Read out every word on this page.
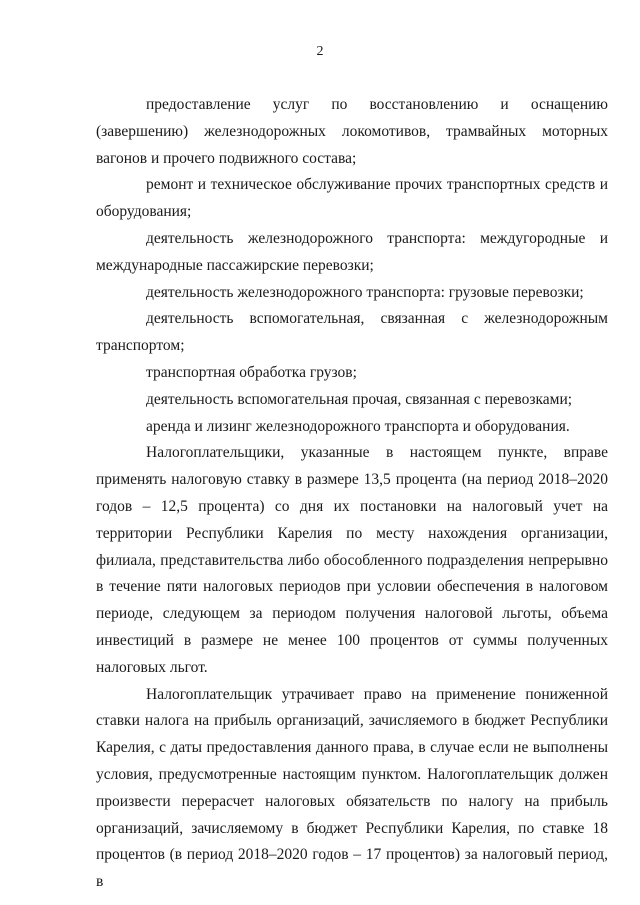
2

предоставление услуг по восстановлению и оснащению (завершению) железнодорожных локомотивов, трамвайных моторных вагонов и прочего подвижного состава;

ремонт и техническое обслуживание прочих транспортных средств и оборудования;

деятельность железнодорожного транспорта: междугородные и международные пассажирские перевозки;

деятельность железнодорожного транспорта: грузовые перевозки;

деятельность вспомогательная, связанная с железнодорожным транспортом;

транспортная обработка грузов;

деятельность вспомогательная прочая, связанная с перевозками;

аренда и лизинг железнодорожного транспорта и оборудования.

Налогоплательщики, указанные в настоящем пункте, вправе применять налоговую ставку в размере 13,5 процента (на период 2018–2020 годов – 12,5 процента) со дня их постановки на налоговый учет на территории Республики Карелия по месту нахождения организации, филиала, представительства либо обособленного подразделения непрерывно в течение пяти налоговых периодов при условии обеспечения в налоговом периоде, следующем за периодом получения налоговой льготы, объема инвестиций в размере не менее 100 процентов от суммы полученных налоговых льгот.

Налогоплательщик утрачивает право на применение пониженной ставки налога на прибыль организаций, зачисляемого в бюджет Республики Карелия, с даты предоставления данного права, в случае если не выполнены условия, предусмотренные настоящим пунктом. Налогоплательщик должен произвести перерасчет налоговых обязательств по налогу на прибыль организаций, зачисляемому в бюджет Республики Карелия, по ставке 18 процентов (в период 2018–2020 годов – 17 процентов) за налоговый период, в
